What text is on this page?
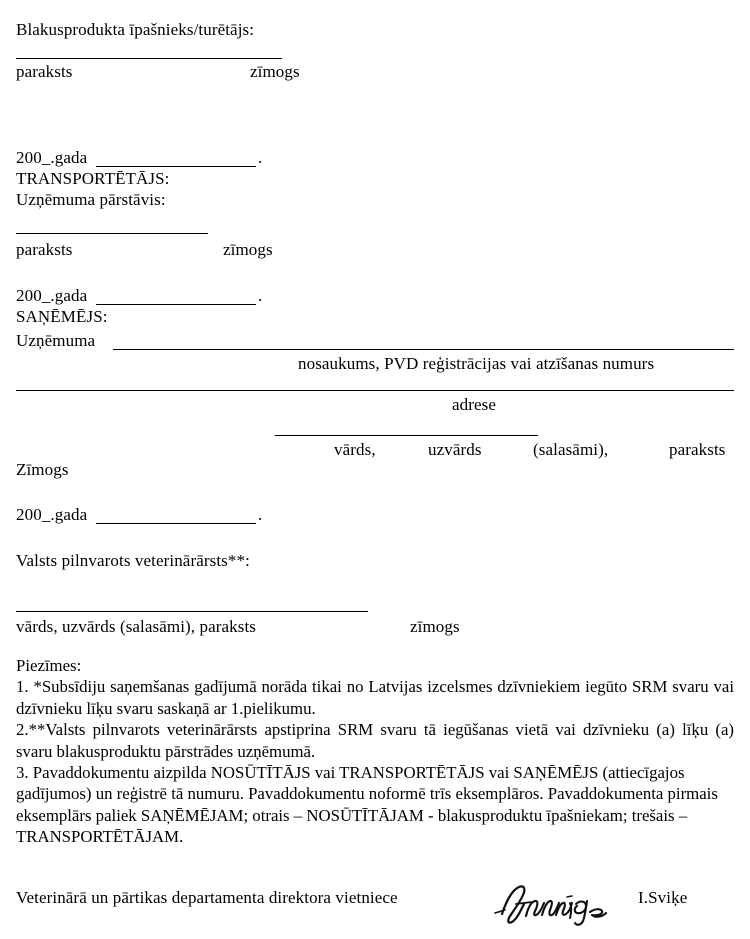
Blakusprodukta īpašnieks/turētājs:
paraksts	zīmogs
200_.gada	.
TRANSPORTĒTĀJS:
Uzņēmuma pārstāvis:
paraksts	zīmogs
200_.gada	.
SAŅĒMĒJS:
Uzņēmuma
nosaukums, PVD reģistrācijas vai atzīšanas numurs
adrese
vārds,	uzvārds	(salasāmi),	paraksts
Zīmogs
200_.gada	.
Valsts pilnvarots veterinārārsts**:
vārds, uzvārds (salasāmi), paraksts	zīmogs

Piezīmes:

1. *Subsīdiju saņemšanas gadījumā norāda tikai no Latvijas izcelsmes dzīvniekiem iegūto SRM svaru vai dzīvnieku līķu svaru saskaņā ar 1.pielikumu.

2.**Valsts pilnvarots veterinārārsts apstiprina SRM svaru tā iegūšanas vietā vai dzīvnieku (a) līķu (a) svaru blakusproduktu pārstrādes uzņēmumā.

3. Pavaddokumentu aizpilda NOSŪTĪTĀJS vai TRANSPORTĒTĀJS vai SAŅĒMĒJS (attiecīgajos gadījumos) un reģistrē tā numuru. Pavaddokumentu noformē trīs eksemplāros. Pavaddokumenta pirmais eksemplārs paliek SAŅĒMĒJAM; otrais – NOSŪTĪTĀJAM - blakusproduktu īpašniekam; trešais –TRANSPORTĒTĀJAM.

Veterinārā un pārtikas departamenta direktora vietniece	I.Sviķe
